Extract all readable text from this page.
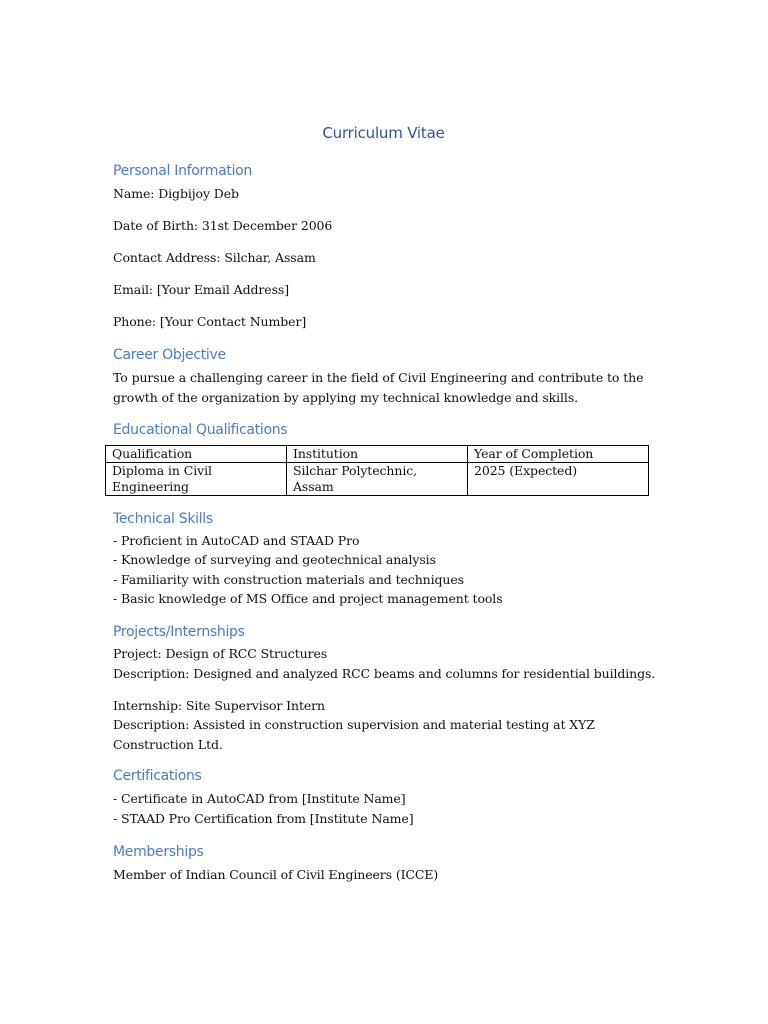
Curriculum Vitae
Personal Information
Name: Digbijoy Deb
Date of Birth: 31st December 2006
Contact Address: Silchar, Assam
Email: [Your Email Address]
Phone: [Your Contact Number]
Career Objective
To pursue a challenging career in the field of Civil Engineering and contribute to the growth of the organization by applying my technical knowledge and skills.
Educational Qualifications
Qualification	Institution	Year of Completion
Diploma in Civil Engineering	Silchar Polytechnic, Assam	2025 (Expected)
Technical Skills
- Proficient in AutoCAD and STAAD Pro
- Knowledge of surveying and geotechnical analysis
- Familiarity with construction materials and techniques
- Basic knowledge of MS Office and project management tools
Projects/Internships
Project: Design of RCC Structures
Description: Designed and analyzed RCC beams and columns for residential buildings.
Internship: Site Supervisor Intern
Description: Assisted in construction supervision and material testing at XYZ Construction Ltd.
Certifications
- Certificate in AutoCAD from [Institute Name]
- STAAD Pro Certification from [Institute Name]
Memberships
Member of Indian Council of Civil Engineers (ICCE)
